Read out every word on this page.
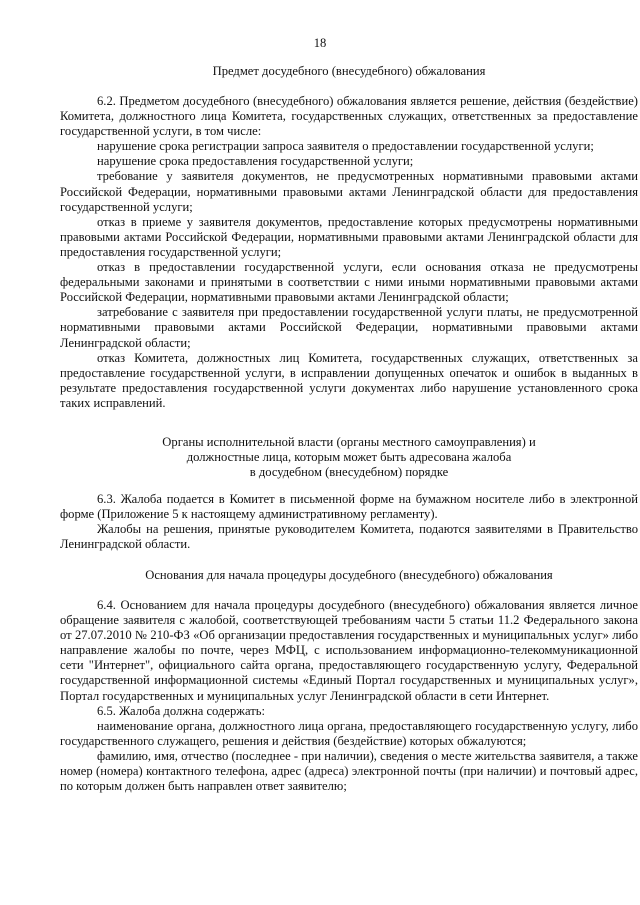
18
Предмет досудебного (внесудебного) обжалования

6.2. Предметом досудебного (внесудебного) обжалования является решение, действия (бездействие) Комитета, должностного лица Комитета, государственных служащих, ответственных за предоставление государственной услуги, в том числе:

нарушение срока регистрации запроса заявителя о предоставлении государственной услуги;

нарушение срока предоставления государственной услуги;

требование у заявителя документов, не предусмотренных нормативными правовыми актами Российской Федерации, нормативными правовыми актами Ленинградской области для предоставления государственной услуги;

отказ в приеме у заявителя документов, предоставление которых предусмотрены нормативными правовыми актами Российской Федерации, нормативными правовыми актами Ленинградской области для предоставления государственной услуги;

отказ в предоставлении государственной услуги, если основания отказа не предусмотрены федеральными законами и принятыми в соответствии с ними иными нормативными правовыми актами Российской Федерации, нормативными правовыми актами Ленинградской области;

затребование с заявителя при предоставлении государственной услуги платы, не предусмотренной нормативными правовыми актами Российской Федерации, нормативными правовыми актами Ленинградской области;

отказ Комитета, должностных лиц Комитета, государственных служащих, ответственных за предоставление государственной услуги, в исправлении допущенных опечаток и ошибок в выданных в результате предоставления государственной услуги документах либо нарушение установленного срока таких исправлений.

Органы исполнительной власти (органы местного самоуправления) и
должностные лица, которым может быть адресована жалоба
в досудебном (внесудебном) порядке

6.3. Жалоба подается в Комитет в письменной форме на бумажном носителе либо в электронной форме (Приложение 5 к настоящему административному регламенту).

Жалобы на решения, принятые руководителем Комитета, подаются заявителями в Правительство Ленинградской области.

Основания для начала процедуры досудебного (внесудебного) обжалования

6.4. Основанием для начала процедуры досудебного (внесудебного) обжалования является личное обращение заявителя с жалобой, соответствующей требованиям части 5 статьи 11.2 Федерального закона от 27.07.2010 № 210-ФЗ «Об организации предоставления государственных и муниципальных услуг» либо направление жалобы по почте, через МФЦ, с использованием информационно-телекоммуникационной сети "Интернет", официального сайта органа, предоставляющего государственную услугу, Федеральной государственной информационной системы «Единый Портал государственных и муниципальных услуг», Портал государственных и муниципальных услуг Ленинградской области в сети Интернет.

6.5. Жалоба должна содержать:

наименование органа, должностного лица органа, предоставляющего государственную услугу, либо государственного служащего, решения и действия (бездействие) которых обжалуются;

фамилию, имя, отчество (последнее - при наличии), сведения о месте жительства заявителя, а также номер (номера) контактного телефона, адрес (адреса) электронной почты (при наличии) и почтовый адрес, по которым должен быть направлен ответ заявителю;
